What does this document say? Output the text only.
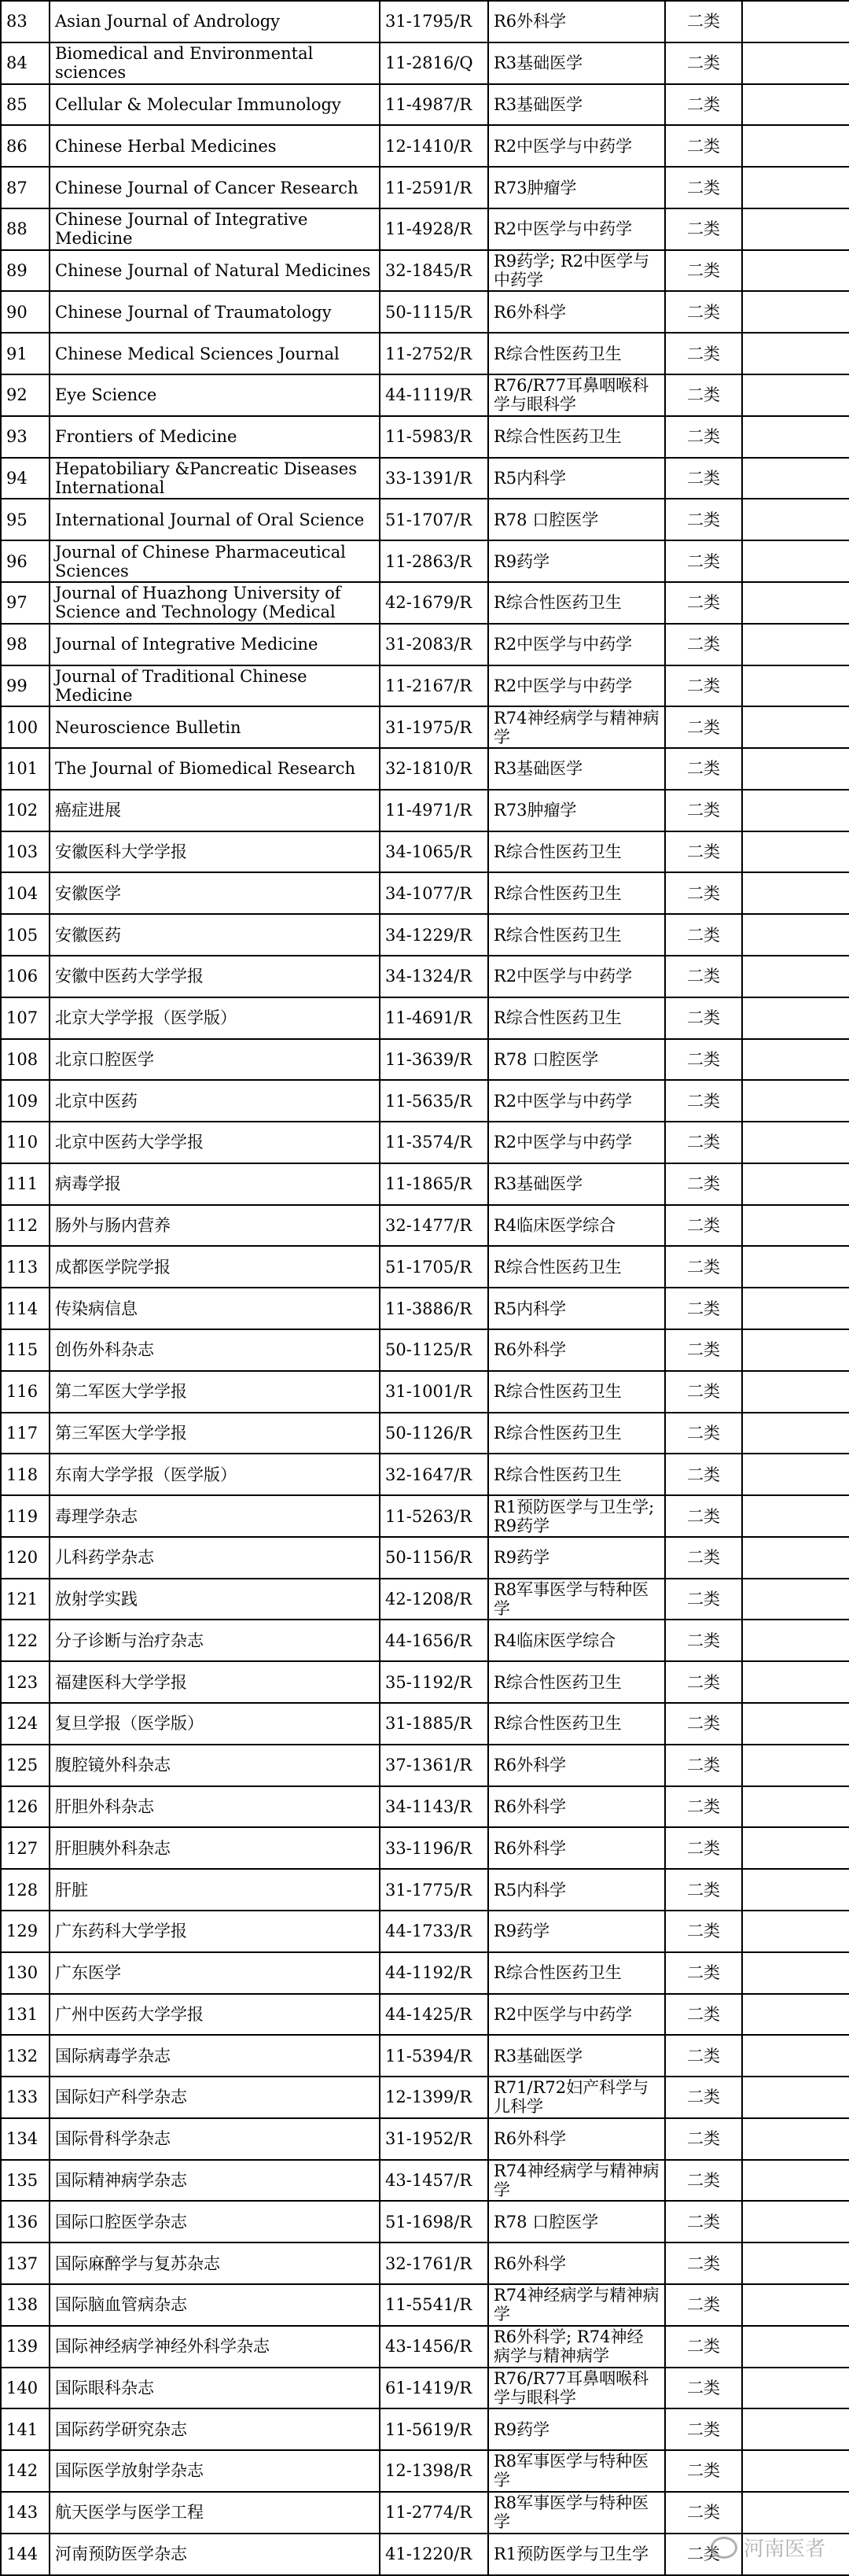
83	Asian Journal of Andrology	31-1795/R	R6外科学	二类	
84	Biomedical and Environmental sciences	11-2816/Q	R3基础医学	二类	
85	Cellular & Molecular Immunology	11-4987/R	R3基础医学	二类	
86	Chinese Herbal Medicines	12-1410/R	R2中医学与中药学	二类	
87	Chinese Journal of Cancer Research	11-2591/R	R73肿瘤学	二类	
88	Chinese Journal of Integrative Medicine	11-4928/R	R2中医学与中药学	二类	
89	Chinese Journal of Natural Medicines	32-1845/R	R9药学; R2中医学与中药学	二类	
90	Chinese Journal of Traumatology	50-1115/R	R6外科学	二类	
91	Chinese Medical Sciences Journal	11-2752/R	R综合性医药卫生	二类	
92	Eye Science	44-1119/R	R76/R77耳鼻咽喉科学与眼科学	二类	
93	Frontiers of Medicine	11-5983/R	R综合性医药卫生	二类	
94	Hepatobiliary &Pancreatic Diseases International	33-1391/R	R5内科学	二类	
95	International Journal of Oral Science	51-1707/R	R78 口腔医学	二类	
96	Journal of Chinese Pharmaceutical Sciences	11-2863/R	R9药学	二类	
97	Journal of Huazhong University of Science and Technology (Medical	42-1679/R	R综合性医药卫生	二类	
98	Journal of Integrative Medicine	31-2083/R	R2中医学与中药学	二类	
99	Journal of Traditional Chinese Medicine	11-2167/R	R2中医学与中药学	二类	
100	Neuroscience Bulletin	31-1975/R	R74神经病学与精神病学	二类	
101	The Journal of Biomedical Research	32-1810/R	R3基础医学	二类	
102	癌症进展	11-4971/R	R73肿瘤学	二类	
103	安徽医科大学学报	34-1065/R	R综合性医药卫生	二类	
104	安徽医学	34-1077/R	R综合性医药卫生	二类	
105	安徽医药	34-1229/R	R综合性医药卫生	二类	
106	安徽中医药大学学报	34-1324/R	R2中医学与中药学	二类	
107	北京大学学报（医学版）	11-4691/R	R综合性医药卫生	二类	
108	北京口腔医学	11-3639/R	R78 口腔医学	二类	
109	北京中医药	11-5635/R	R2中医学与中药学	二类	
110	北京中医药大学学报	11-3574/R	R2中医学与中药学	二类	
111	病毒学报	11-1865/R	R3基础医学	二类	
112	肠外与肠内营养	32-1477/R	R4临床医学综合	二类	
113	成都医学院学报	51-1705/R	R综合性医药卫生	二类	
114	传染病信息	11-3886/R	R5内科学	二类	
115	创伤外科杂志	50-1125/R	R6外科学	二类	
116	第二军医大学学报	31-1001/R	R综合性医药卫生	二类	
117	第三军医大学学报	50-1126/R	R综合性医药卫生	二类	
118	东南大学学报（医学版）	32-1647/R	R综合性医药卫生	二类	
119	毒理学杂志	11-5263/R	R1预防医学与卫生学; R9药学	二类	
120	儿科药学杂志	50-1156/R	R9药学	二类	
121	放射学实践	42-1208/R	R8军事医学与特种医学	二类	
122	分子诊断与治疗杂志	44-1656/R	R4临床医学综合	二类	
123	福建医科大学学报	35-1192/R	R综合性医药卫生	二类	
124	复旦学报（医学版）	31-1885/R	R综合性医药卫生	二类	
125	腹腔镜外科杂志	37-1361/R	R6外科学	二类	
126	肝胆外科杂志	34-1143/R	R6外科学	二类	
127	肝胆胰外科杂志	33-1196/R	R6外科学	二类	
128	肝脏	31-1775/R	R5内科学	二类	
129	广东药科大学学报	44-1733/R	R9药学	二类	
130	广东医学	44-1192/R	R综合性医药卫生	二类	
131	广州中医药大学学报	44-1425/R	R2中医学与中药学	二类	
132	国际病毒学杂志	11-5394/R	R3基础医学	二类	
133	国际妇产科学杂志	12-1399/R	R71/R72妇产科学与儿科学	二类	
134	国际骨科学杂志	31-1952/R	R6外科学	二类	
135	国际精神病学杂志	43-1457/R	R74神经病学与精神病学	二类	
136	国际口腔医学杂志	51-1698/R	R78 口腔医学	二类	
137	国际麻醉学与复苏杂志	32-1761/R	R6外科学	二类	
138	国际脑血管病杂志	11-5541/R	R74神经病学与精神病学	二类	
139	国际神经病学神经外科学杂志	43-1456/R	R6外科学; R74神经病学与精神病学	二类	
140	国际眼科杂志	61-1419/R	R76/R77耳鼻咽喉科学与眼科学	二类	
141	国际药学研究杂志	11-5619/R	R9药学	二类	
142	国际医学放射学杂志	12-1398/R	R8军事医学与特种医学	二类	
143	航天医学与医学工程	11-2774/R	R8军事医学与特种医学	二类	
144	河南预防医学杂志	41-1220/R	R1预防医学与卫生学	二类	河南医者
